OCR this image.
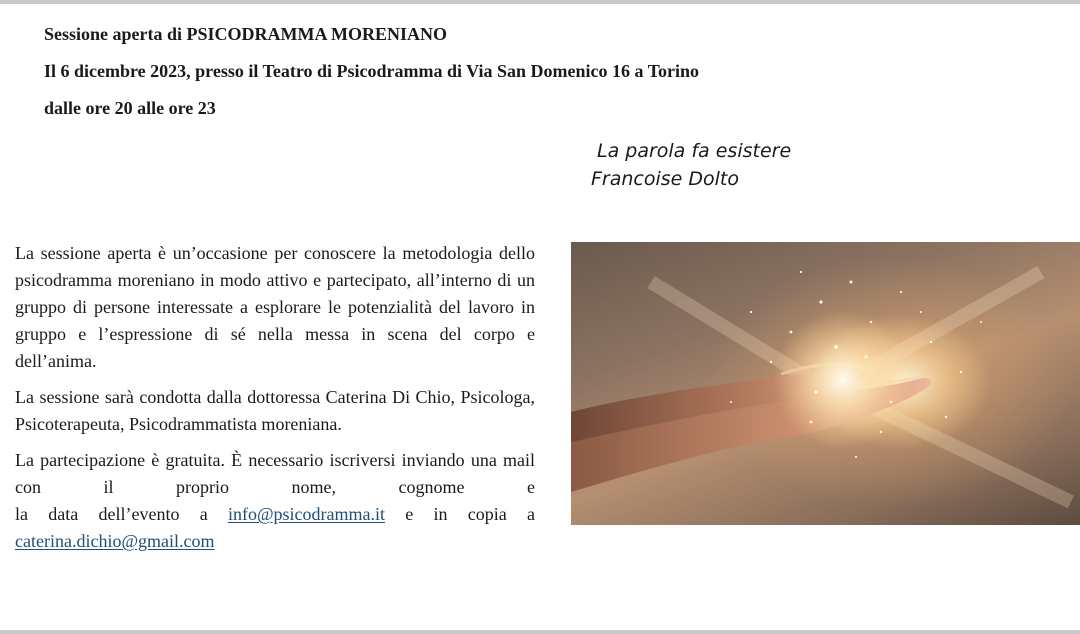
Sessione aperta di PSICODRAMMA MORENIANO
Il 6 dicembre 2023, presso il Teatro di Psicodramma di Via San Domenico 16 a Torino
dalle ore 20 alle ore 23
La parola fa esistere
Francoise Dolto

La sessione aperta è un’occasione per conoscere la metodologia dello psicodramma moreniano in modo attivo e partecipato, all’interno di un gruppo di persone interessate a esplorare le potenzialità del lavoro in gruppo e l’espressione di sé nella messa in scena del corpo e dell’anima.

La sessione sarà condotta dalla dottoressa Caterina Di Chio, Psicologa, Psicoterapeuta, Psicodrammatista moreniana.

La partecipazione è gratuita. È necessario iscriversi inviando una mail con il proprio nome, cognome e
la data dell’evento a info@psicodramma.it e in copia a
caterina.dichio@gmail.com
